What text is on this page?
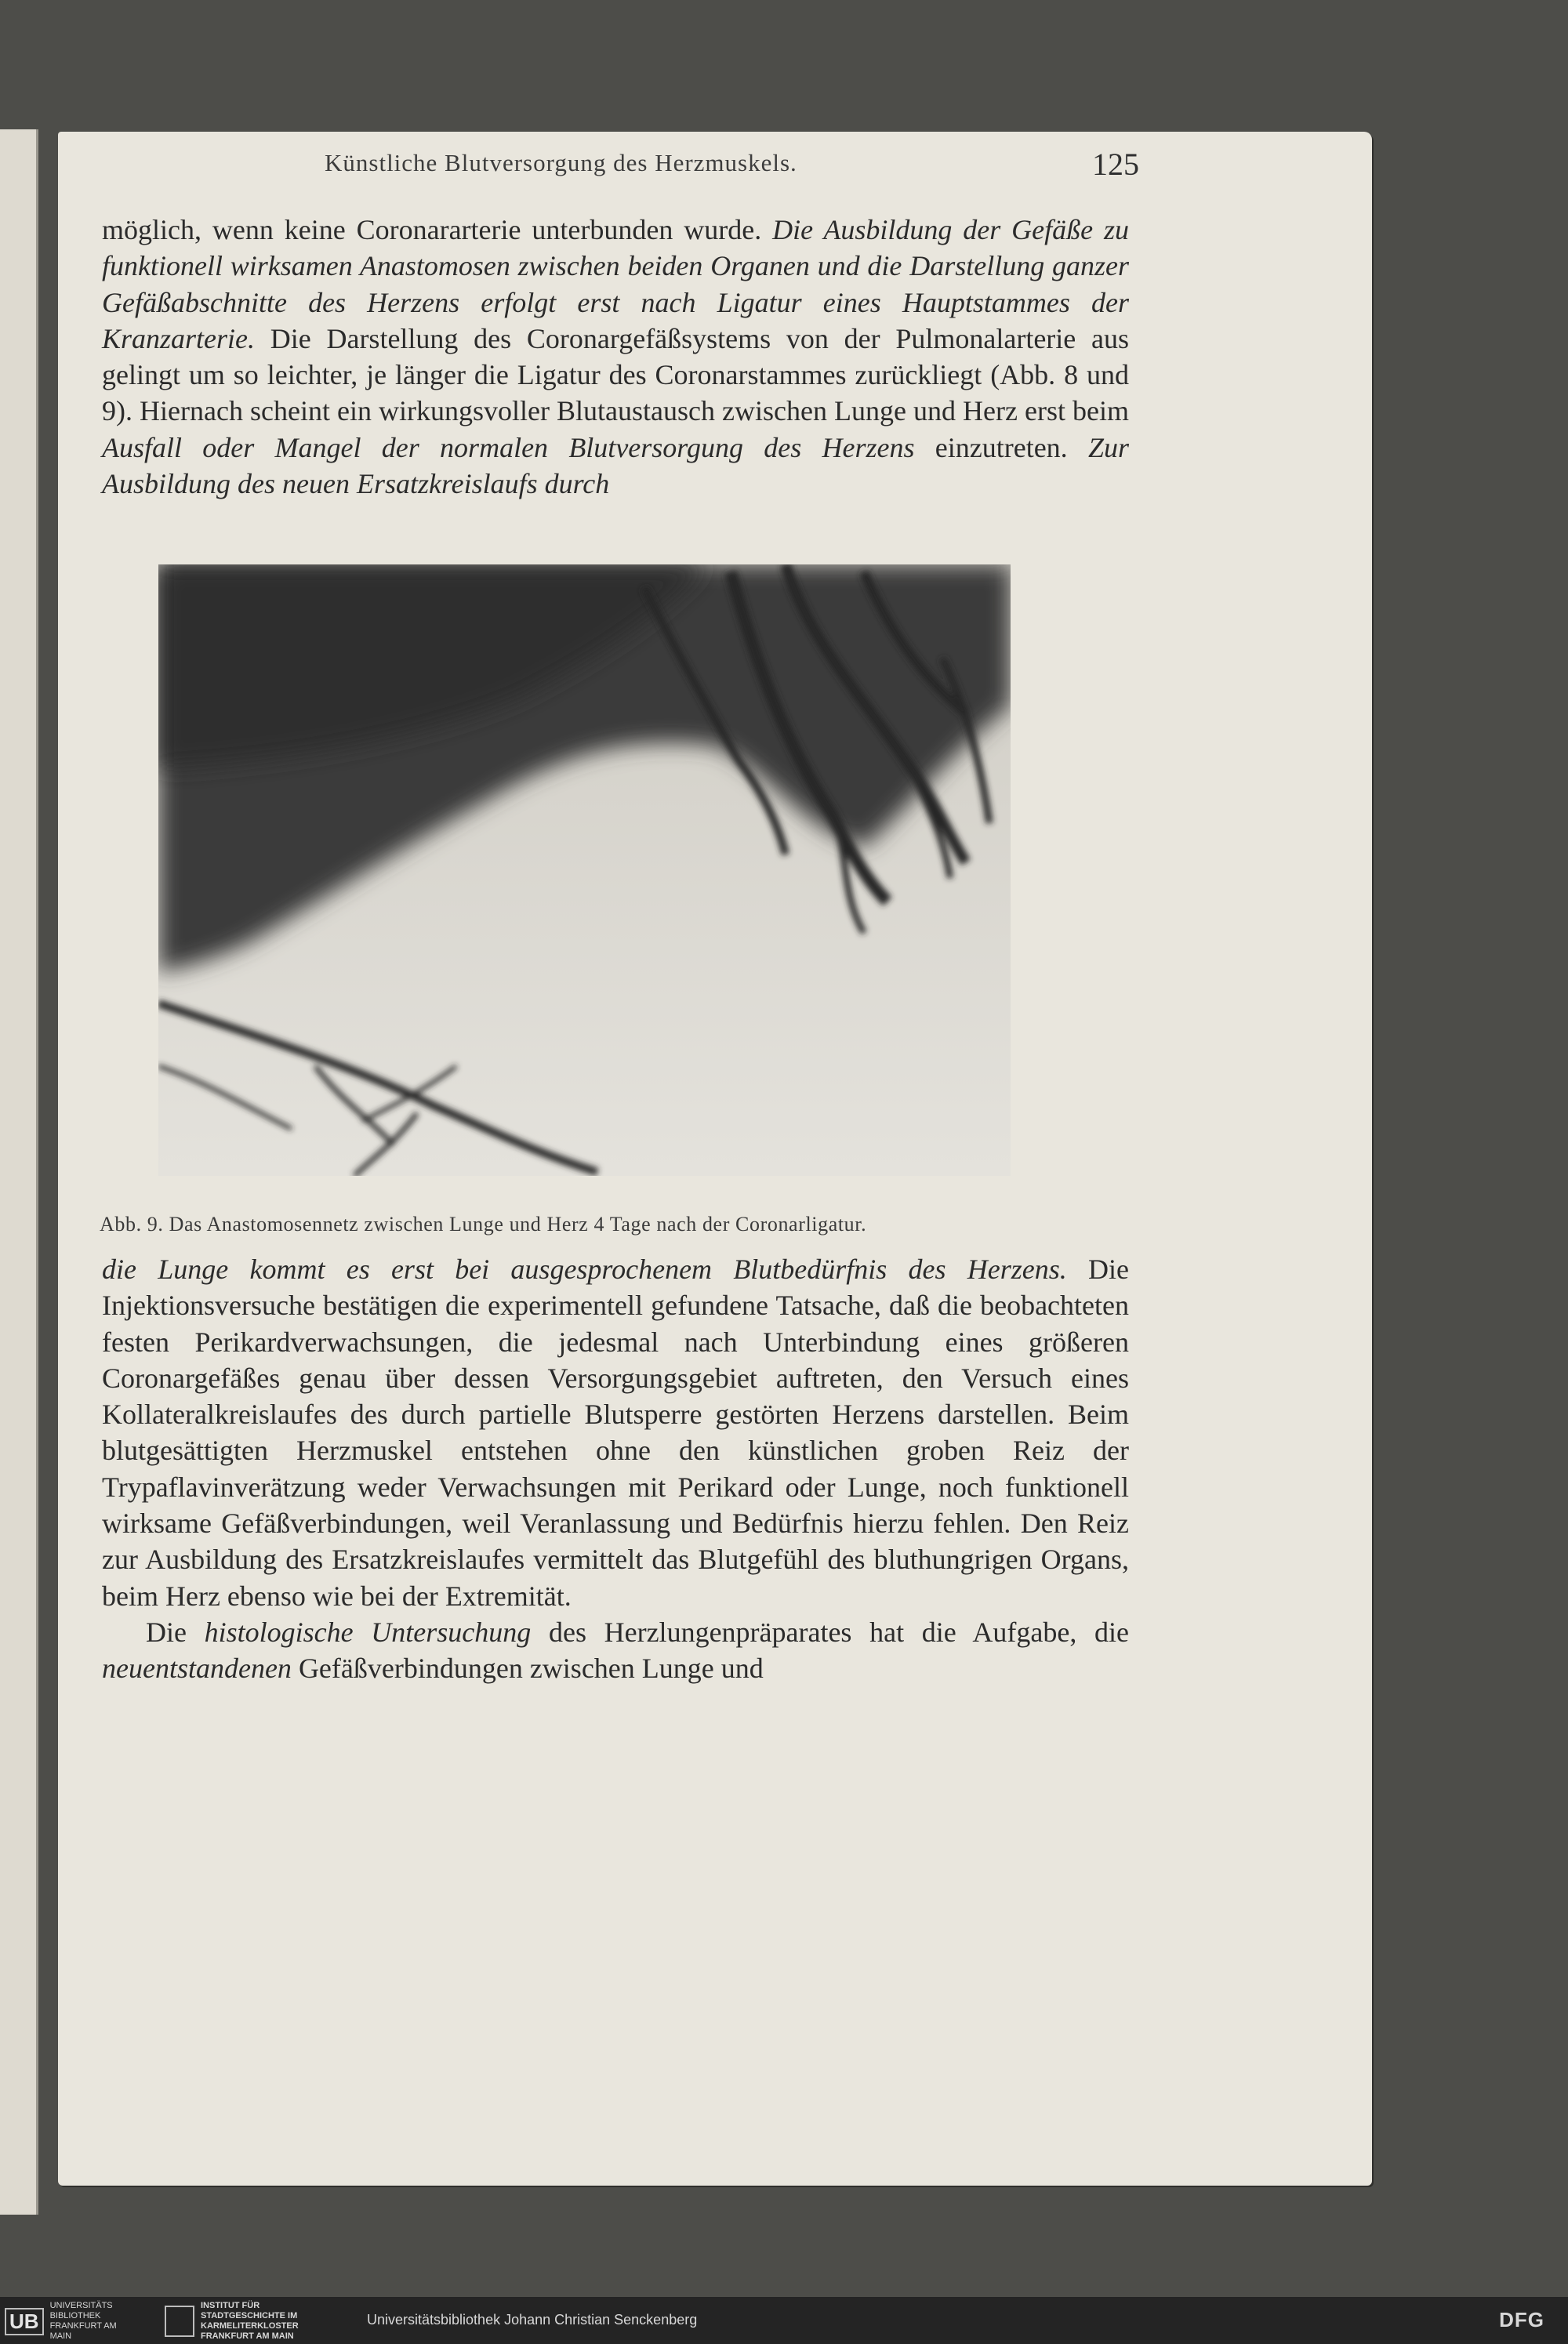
Künstliche Blutversorgung des Herzmuskels.	125

möglich, wenn keine Coronararterie unterbunden wurde. Die Ausbildung der Gefäße zu funktionell wirksamen Anastomosen zwischen beiden Organen und die Darstellung ganzer Gefäßabschnitte des Herzens erfolgt erst nach Ligatur eines Hauptstammes der Kranzarterie. Die Darstellung des Coronargefäßsystems von der Pulmonalarterie aus gelingt um so leichter, je länger die Ligatur des Coronarstammes zurückliegt (Abb. 8 und 9). Hiernach scheint ein wirkungsvoller Blutaustausch zwischen Lunge und Herz erst beim Ausfall oder Mangel der normalen Blutversorgung des Herzens einzutreten. Zur Ausbildung des neuen Ersatzkreislaufs durch

Abb. 9. Das Anastomosennetz zwischen Lunge und Herz 4 Tage nach der Coronarligatur.

die Lunge kommt es erst bei ausgesprochenem Blutbedürfnis des Herzens. Die Injektionsversuche bestätigen die experimentell gefundene Tatsache, daß die beobachteten festen Perikardverwachsungen, die jedesmal nach Unterbindung eines größeren Coronargefäßes genau über dessen Versorgungsgebiet auftreten, den Versuch eines Kollateralkreislaufes des durch partielle Blutsperre gestörten Herzens darstellen. Beim blutgesättigten Herzmuskel entstehen ohne den künstlichen groben Reiz der Trypaflavinverätzung weder Verwachsungen mit Perikard oder Lunge, noch funktionell wirksame Gefäßverbindungen, weil Veranlassung und Bedürfnis hierzu fehlen. Den Reiz zur Ausbildung des Ersatzkreislaufes vermittelt das Blutgefühl des bluthungrigen Organs, beim Herz ebenso wie bei der Extremität.

Die histologische Untersuchung des Herzlungenpräparates hat die Aufgabe, die neuentstandenen Gefäßverbindungen zwischen Lunge und

UB
UNIVERSITÄTS BIBLIOTHEK FRANKFURT AM MAIN
INSTITUT FÜR STADTGESCHICHTE IM KARMELITERKLOSTER FRANKFURT AM MAIN
Universitätsbibliothek Johann Christian Senckenberg	DFG
